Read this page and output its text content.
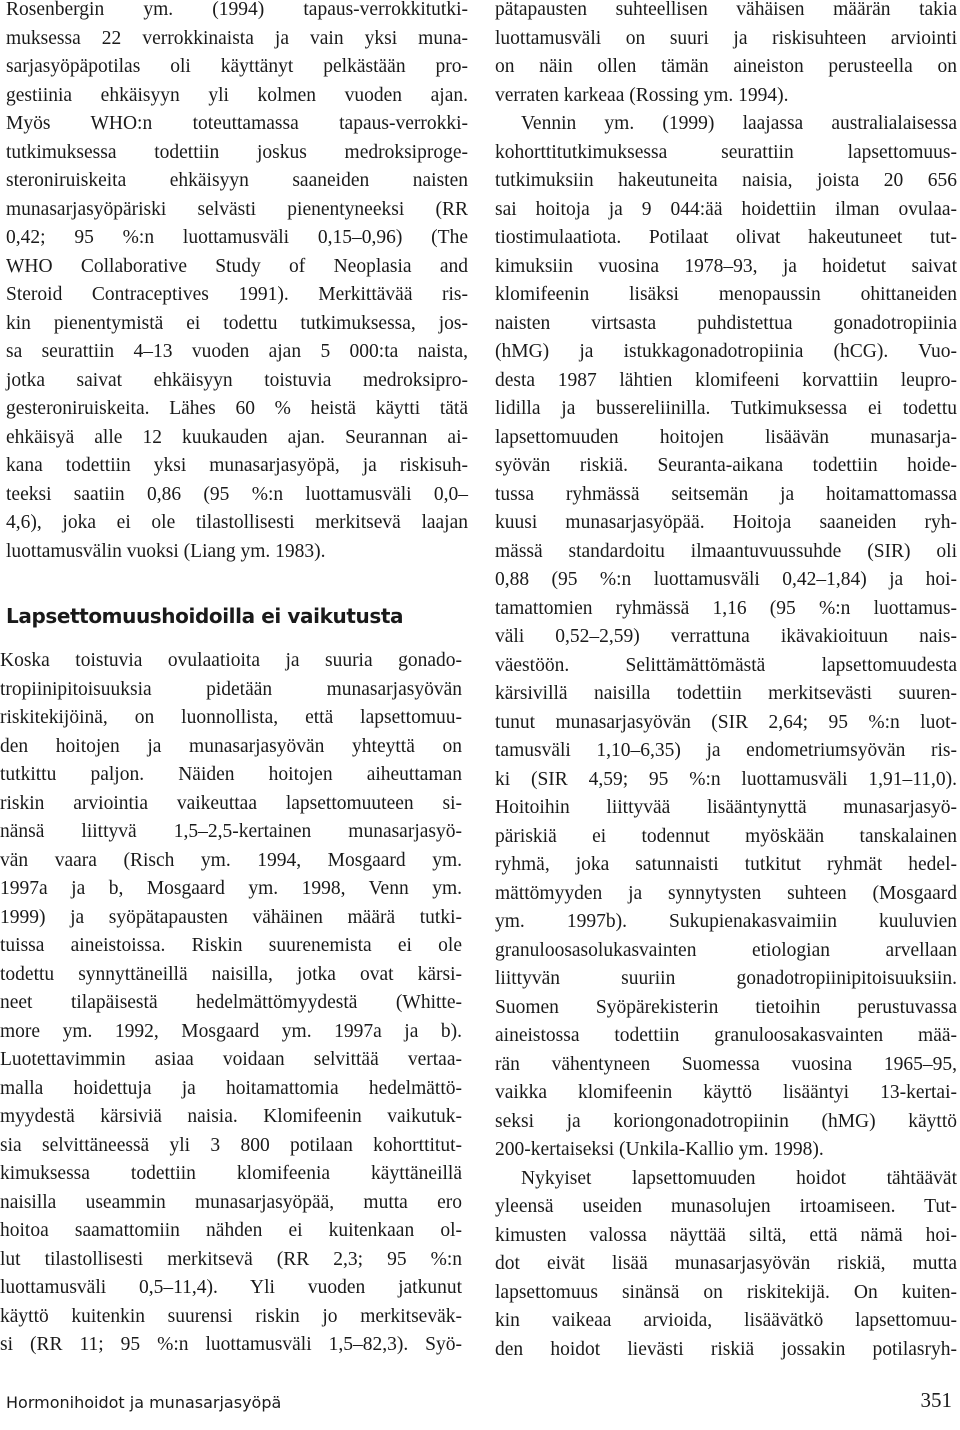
Rosenbergin ym. (1994) tapaus-verrokkitutki-
muksessa 22 verrokkinaista ja vain yksi muna-
sarjasyöpäpotilas oli käyttänyt pelkästään pro-
gestiinia ehkäisyyn yli kolmen vuoden ajan.
Myös WHO:n toteuttamassa tapaus-verrokki-
tutkimuksessa todettiin joskus medroksiproge-
steroniruiskeita ehkäisyyn saaneiden naisten
munasarjasyöpäriski selvästi pienentyneeksi (RR
0,42; 95 %:n luottamusväli 0,15–0,96) (The
WHO Collaborative Study of Neoplasia and
Steroid Contraceptives 1991). Merkittävää ris-
kin pienentymistä ei todettu tutkimuksessa, jos-
sa seurattiin 4–13 vuoden ajan 5 000:ta naista,
jotka saivat ehkäisyyn toistuvia medroksipro-
gesteroniruiskeita. Lähes 60 % heistä käytti tätä
ehkäisyä alle 12 kuukauden ajan. Seurannan ai-
kana todettiin yksi munasarjasyöpä, ja riskisuh-
teeksi saatiin 0,86 (95 %:n luottamusväli 0,0–
4,6), joka ei ole tilastollisesti merkitsevä laajan
luottamusvälin vuoksi (Liang ym. 1983).
Lapsettomuushoidoilla ei vaikutusta
Koska toistuvia ovulaatioita ja suuria gonado-
tropiinipitoisuuksia pidetään munasarjasyövän
riskitekijöinä, on luonnollista, että lapsettomuu-
den hoitojen ja munasarjasyövän yhteyttä on
tutkittu paljon. Näiden hoitojen aiheuttaman
riskin arviointia vaikeuttaa lapsettomuuteen si-
nänsä liittyvä 1,5–2,5-kertainen munasarjasyö-
vän vaara (Risch ym. 1994, Mosgaard ym.
1997a ja b, Mosgaard ym. 1998, Venn ym.
1999) ja syöpätapausten vähäinen määrä tutki-
tuissa aineistoissa. Riskin suurenemista ei ole
todettu synnyttäneillä naisilla, jotka ovat kärsi-
neet tilapäisestä hedelmättömyydestä (Whitte-
more ym. 1992, Mosgaard ym. 1997a ja b).
Luotettavimmin asiaa voidaan selvittää vertaa-
malla hoidettuja ja hoitamattomia hedelmättö-
myydestä kärsiviä naisia. Klomifeenin vaikutuk-
sia selvittäneessä yli 3 800 potilaan kohorttitut-
kimuksessa todettiin klomifeenia käyttäneillä
naisilla useammin munasarjasyöpää, mutta ero
hoitoa saamattomiin nähden ei kuitenkaan ol-
lut tilastollisesti merkitsevä (RR 2,3; 95 %:n
luottamusväli 0,5–11,4). Yli vuoden jatkunut
käyttö kuitenkin suurensi riskin jo merkitseväk-
si (RR 11; 95 %:n luottamusväli 1,5–82,3). Syö-
pätapausten suhteellisen vähäisen määrän takia
luottamusväli on suuri ja riskisuhteen arviointi
on näin ollen tämän aineiston perusteella on
verraten karkeaa (Rossing ym. 1994).
Vennin ym. (1999) laajassa australialaisessa
kohorttitutkimuksessa seurattiin lapsettomuus-
tutkimuksiin hakeutuneita naisia, joista 20 656
sai hoitoja ja 9 044:ää hoidettiin ilman ovulaa-
tiostimulaatiota. Potilaat olivat hakeutuneet tut-
kimuksiin vuosina 1978–93, ja hoidetut saivat
klomifeenin lisäksi menopaussin ohittaneiden
naisten virtsasta puhdistettua gonadotropiinia
(hMG) ja istukkagonadotropiinia (hCG). Vuo-
desta 1987 lähtien klomifeeni korvattiin leupro-
lidilla ja bussereliinilla. Tutkimuksessa ei todettu
lapsettomuuden hoitojen lisäävän munasarja-
syövän riskiä. Seuranta-aikana todettiin hoide-
tussa ryhmässä seitsemän ja hoitamattomassa
kuusi munasarjasyöpää. Hoitoja saaneiden ryh-
mässä standardoitu ilmaantuvuussuhde (SIR) oli
0,88 (95 %:n luottamusväli 0,42–1,84) ja hoi-
tamattomien ryhmässä 1,16 (95 %:n luottamus-
väli 0,52–2,59) verrattuna ikävakioituun nais-
väestöön. Selittämättömästä lapsettomuudesta
kärsivillä naisilla todettiin merkitsevästi suuren-
tunut munasarjasyövän (SIR 2,64; 95 %:n luot-
tamusväli 1,10–6,35) ja endometriumsyövän ris-
ki (SIR 4,59; 95 %:n luottamusväli 1,91–11,0).
Hoitoihin liittyvää lisääntynyttä munasarjasyö-
päriskiä ei todennut myöskään tanskalainen
ryhmä, joka satunnaisti tutkitut ryhmät hedel-
mättömyyden ja synnytysten suhteen (Mosgaard
ym. 1997b). Sukupienakasvaimiin kuuluvien
granuloosasolukasvainten etiologian arvellaan
liittyvän suuriin gonadotropiinipitoisuuksiin.
Suomen Syöpärekisterin tietoihin perustuvassa
aineistossa todettiin granuloosakasvainten mää-
rän vähentyneen Suomessa vuosina 1965–95,
vaikka klomifeenin käyttö lisääntyi 13-kertai-
seksi ja koriongonadotropiinin (hMG) käyttö
200-kertaiseksi (Unkila-Kallio ym. 1998).
Nykyiset lapsettomuuden hoidot tähtäävät
yleensä useiden munasolujen irtoamiseen. Tut-
kimusten valossa näyttää siltä, että nämä hoi-
dot eivät lisää munasarjasyövän riskiä, mutta
lapsettomuus sinänsä on riskitekijä. On kuiten-
kin vaikeaa arvioida, lisäävätkö lapsettomuu-
den hoidot lievästi riskiä jossakin potilasryh-

Hormonihoidot ja munasarjasyöpä	351
